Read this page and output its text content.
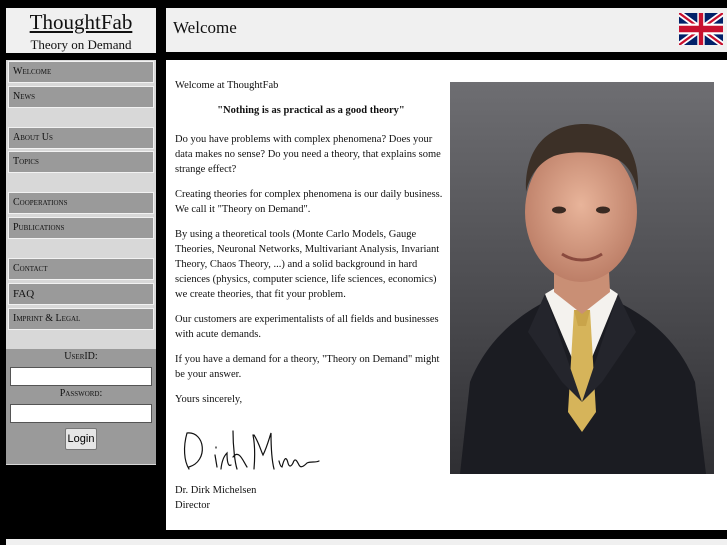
ThoughtFab
Theory on Demand
Welcome
Welcome
News
About Us
Topics
Cooperations
Publications
Contact
FAQ
Imprint & Legal
UserID:
Password:
Login

Welcome at ThoughtFab

"Nothing is as practical as a good theory"

Do you have problems with complex phenomena? Does your data makes no sense? Do you need a theory, that explains some strange effect?

Creating theories for complex phenomena is our daily business. We call it "Theory on Demand".

By using a theoretical tools (Monte Carlo Models, Gauge Theories, Neuronal Networks, Multivariant Analysis, Invariant Theory, Chaos Theory, ...) and a solid background in hard sciences (physics, computer science, life sciences, economics) we create theories, that fit your problem.

Our customers are experimentalists of all fields and businesses with acute demands.

If you have a demand for a theory, "Theory on Demand" might be your answer.

Yours sincerely,

Dr. Dirk Michelsen

Director
